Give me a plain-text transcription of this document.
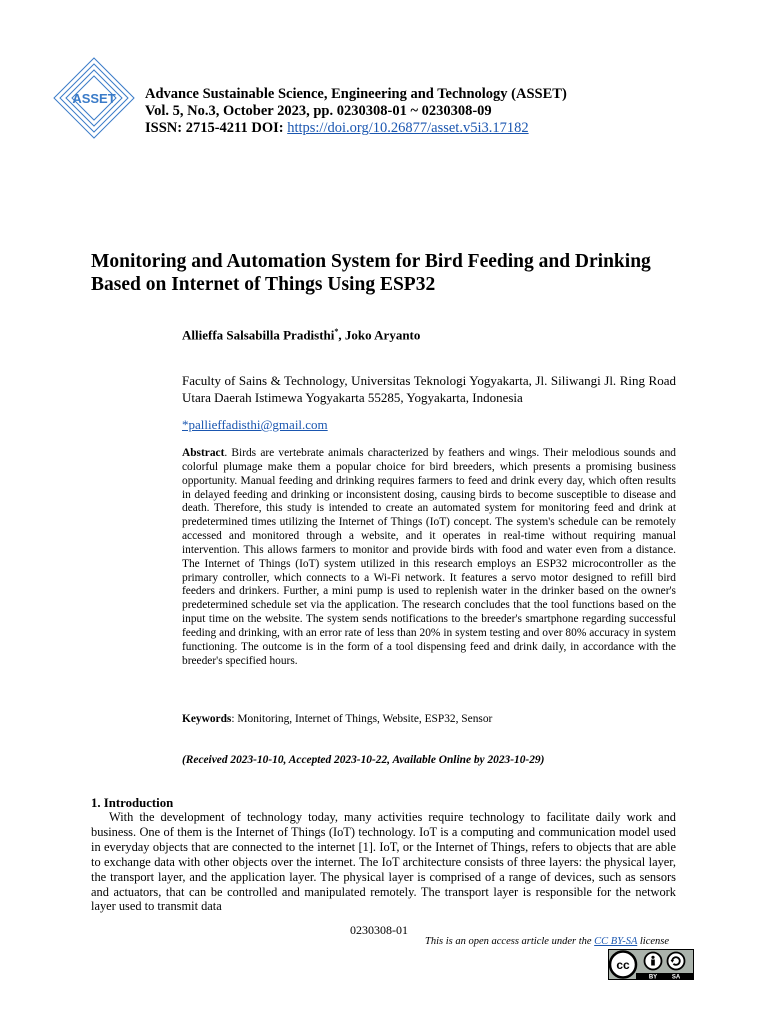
ASSET Advance Sustainable Science, Engineering and Technology (ASSET)
Vol. 5, No.3, October 2023, pp. 0230308-01 ~ 0230308-09
ISSN: 2715-4211 DOI: https://doi.org/10.26877/asset.v5i3.17182
Monitoring and Automation System for Bird Feeding and Drinking Based on Internet of Things Using ESP32
Allieffa Salsabilla Pradisthi*, Joko Aryanto
Faculty of Sains & Technology, Universitas Teknologi Yogyakarta, Jl. Siliwangi Jl. Ring Road Utara Daerah Istimewa Yogyakarta 55285, Yogyakarta, Indonesia
*pallieffadisthi@gmail.com
Abstract. Birds are vertebrate animals characterized by feathers and wings. Their melodious sounds and colorful plumage make them a popular choice for bird breeders, which presents a promising business opportunity. Manual feeding and drinking requires farmers to feed and drink every day, which often results in delayed feeding and drinking or inconsistent dosing, causing birds to become susceptible to disease and death. Therefore, this study is intended to create an automated system for monitoring feed and drink at predetermined times utilizing the Internet of Things (IoT) concept. The system's schedule can be remotely accessed and monitored through a website, and it operates in real-time without requiring manual intervention. This allows farmers to monitor and provide birds with food and water even from a distance. The Internet of Things (IoT) system utilized in this research employs an ESP32 microcontroller as the primary controller, which connects to a Wi-Fi network. It features a servo motor designed to refill bird feeders and drinkers. Further, a mini pump is used to replenish water in the drinker based on the owner's predetermined schedule set via the application. The research concludes that the tool functions based on the input time on the website. The system sends notifications to the breeder's smartphone regarding successful feeding and drinking, with an error rate of less than 20% in system testing and over 80% accuracy in system functioning. The outcome is in the form of a tool dispensing feed and drink daily, in accordance with the breeder's specified hours.
Keywords: Monitoring, Internet of Things, Website, ESP32, Sensor
(Received 2023-10-10, Accepted 2023-10-22, Available Online by 2023-10-29)
1. Introduction
With the development of technology today, many activities require technology to facilitate daily work and business. One of them is the Internet of Things (IoT) technology. IoT is a computing and communication model used in everyday objects that are connected to the internet [1]. IoT, or the Internet of Things, refers to objects that are able to exchange data with other objects over the internet. The IoT architecture consists of three layers: the physical layer, the transport layer, and the application layer. The physical layer is comprised of a range of devices, such as sensors and actuators, that can be controlled and manipulated remotely. The transport layer is responsible for the network layer used to transmit data
0230308-01
This is an open access article under the CC BY-SA license
cc
BY SA
